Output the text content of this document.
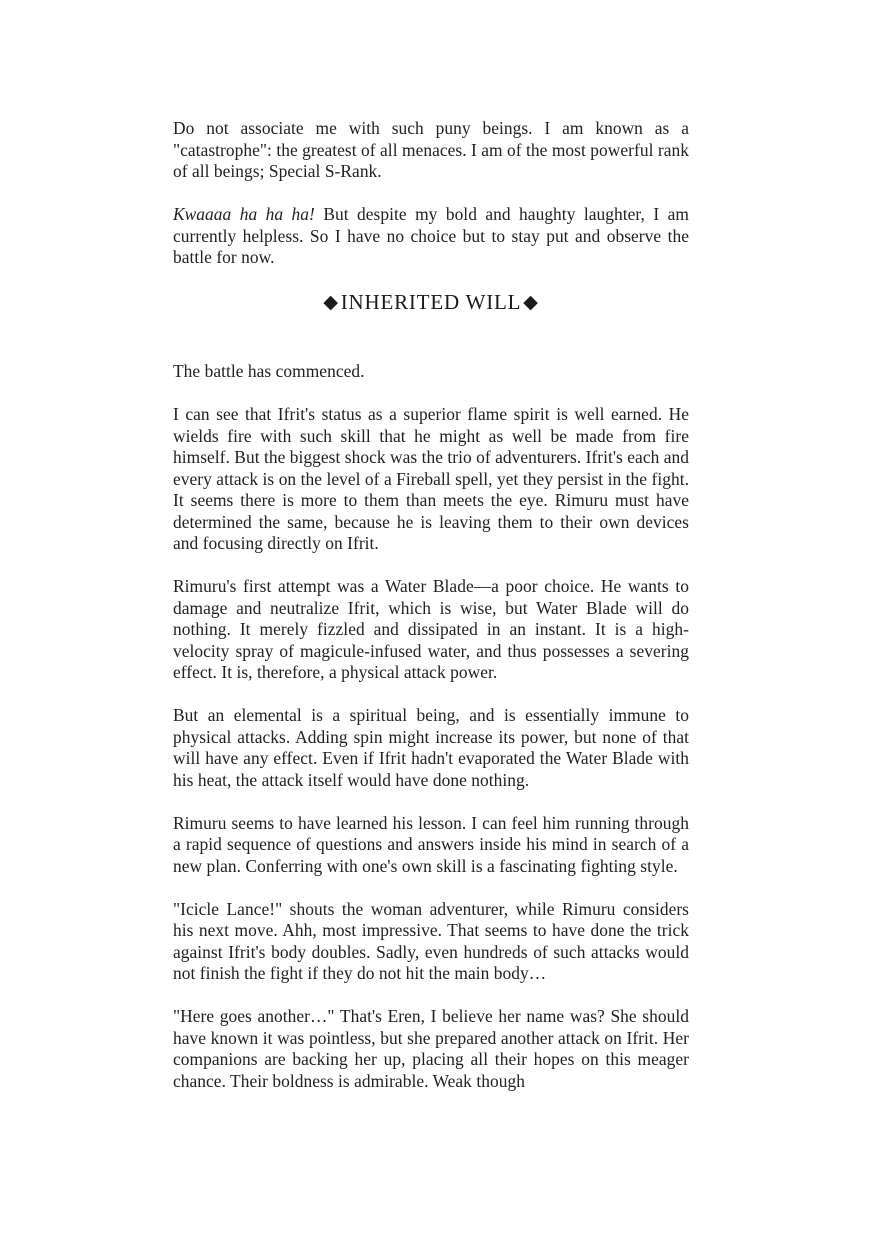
Do not associate me with such puny beings. I am known as a "catastrophe": the greatest of all menaces. I am of the most powerful rank of all beings; Special S-Rank.

Kwaaaa ha ha ha! But despite my bold and haughty laughter, I am currently helpless. So I have no choice but to stay put and observe the battle for now.

◆INHERITED WILL ◆

The battle has commenced.

I can see that Ifrit's status as a superior flame spirit is well earned. He wields fire with such skill that he might as well be made from fire himself. But the biggest shock was the trio of adventurers. Ifrit's each and every attack is on the level of a Fireball spell, yet they persist in the fight. It seems there is more to them than meets the eye. Rimuru must have determined the same, because he is leaving them to their own devices and focusing directly on Ifrit.

Rimuru's first attempt was a Water Blade—a poor choice. He wants to damage and neutralize Ifrit, which is wise, but Water Blade will do nothing. It merely fizzled and dissipated in an instant. It is a high-velocity spray of magicule-infused water, and thus possesses a severing effect. It is, therefore, a physical attack power.

But an elemental is a spiritual being, and is essentially immune to physical attacks. Adding spin might increase its power, but none of that will have any effect. Even if Ifrit hadn't evaporated the Water Blade with his heat, the attack itself would have done nothing.

Rimuru seems to have learned his lesson. I can feel him running through a rapid sequence of questions and answers inside his mind in search of a new plan. Conferring with one's own skill is a fascinating fighting style.

"Icicle Lance!" shouts the woman adventurer, while Rimuru considers his next move. Ahh, most impressive. That seems to have done the trick against Ifrit's body doubles. Sadly, even hundreds of such attacks would not finish the fight if they do not hit the main body…

"Here goes another…" That's Eren, I believe her name was? She should have known it was pointless, but she prepared another attack on Ifrit. Her companions are backing her up, placing all their hopes on this meager chance. Their boldness is admirable. Weak though
